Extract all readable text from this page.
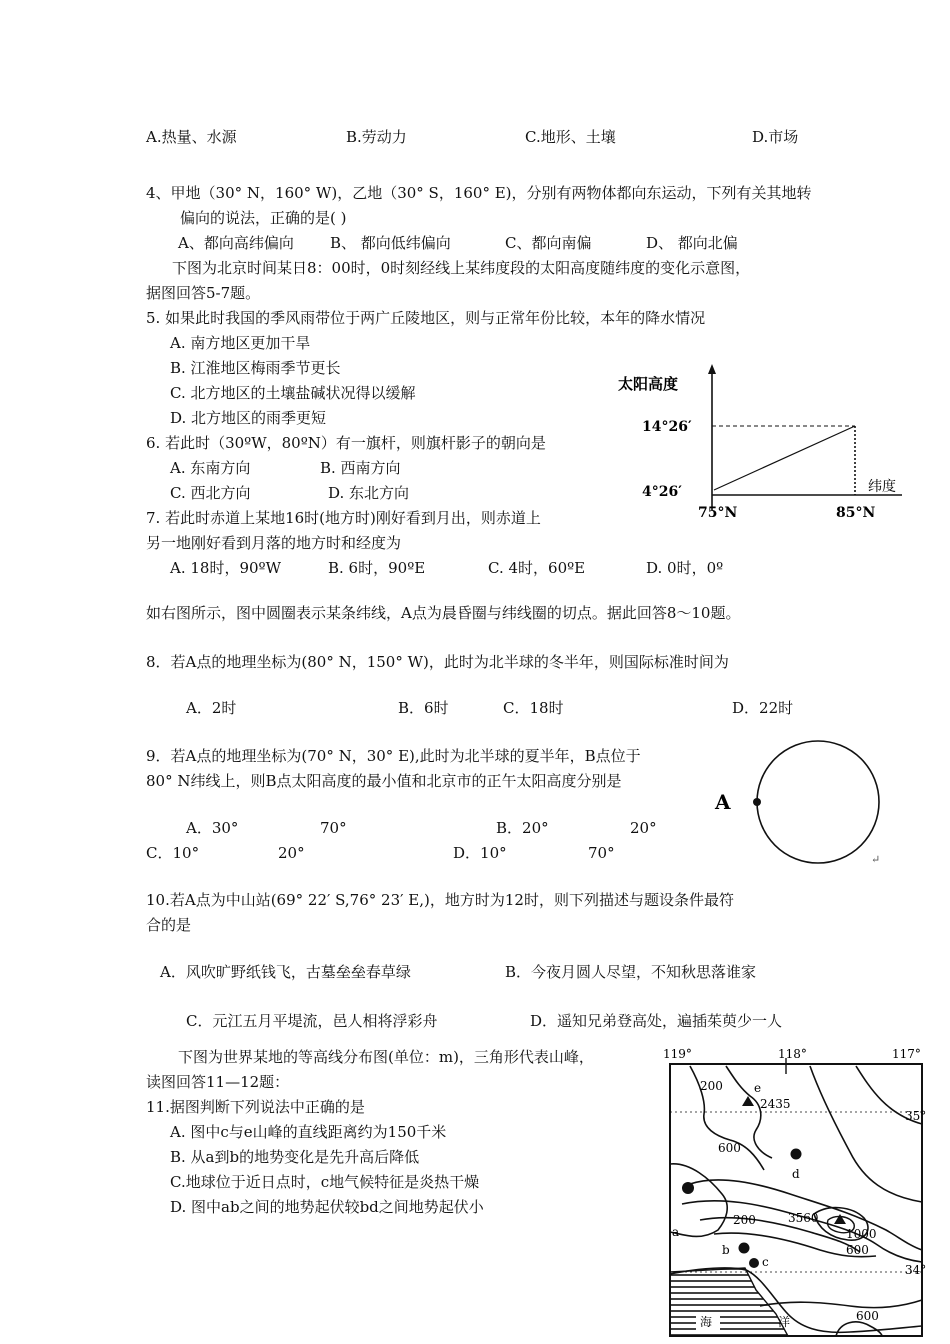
A.热量、水源	B.劳动力	C.地形、土壤	D.市场
4、甲地（30° N，160° W)，乙地（30° S，160° E)，分别有两物体都向东运动，下列有关其地转
偏向的说法，正确的是( )
A、都向高纬偏向 B、 都向低纬偏向	C、都向南偏	D、 都向北偏
下图为北京时间某日8：00时，0时刻经线上某纬度段的太阳高度随纬度的变化示意图，
据图回答5-7题。
5. 如果此时我国的季风雨带位于两广丘陵地区，则与正常年份比较，本年的降水情况
A. 南方地区更加干旱
B. 江淮地区梅雨季节更长
C. 北方地区的土壤盐碱状况得以缓解
D. 北方地区的雨季更短
6. 若此时（30ºW，80ºN）有一旗杆，则旗杆影子的朝向是
A. 东南方向	B. 西南方向
C. 西北方向	D. 东北方向
7. 若此时赤道上某地16时(地方时)刚好看到月出，则赤道上
另一地刚好看到月落的地方时和经度为
A. 18时，90ºW	B. 6时，90ºE	C. 4时，60ºE	D. 0时，0º
太阳高度
纬度
14°26′
4°26′
75°N	85°N
如右图所示，图中圆圈表示某条纬线，A点为晨昏圈与纬线圈的切点。据此回答8～10题。
8．若A点的地理坐标为(80° N，150° W)，此时为北半球的冬半年，则国际标准时间为
A．2时	B．6时	C．18时	D．22时
9．若A点的地理坐标为(70° N，30° E),此时为北半球的夏半年，B点位于
80° N纬线上，则B点太阳高度的最小值和北京市的正午太阳高度分别是
A．30°	70°	B．20°	20°
C．10°	20°	D．10°	70°
A
↵
10.若A点为中山站(69° 22′ S,76° 23′ E,)，地方时为12时，则下列描述与题设条件最符
合的是
A．风吹旷野纸钱飞，古墓垒垒春草绿	B．今夜月圆人尽望，不知秋思落谁家
C．元江五月平堤流，邑人相将浮彩舟	D．遥知兄弟登高处，遍插茱萸少一人
下图为世界某地的等高线分布图(单位：m)，三角形代表山峰，
读图回答11—12题：
11.据图判断下列说法中正确的是
A. 图中c与e山峰的直线距离约为150千米
B. 从a到b的地势变化是先升高后降低
C.地球位于近日点时，c地气候特征是炎热干燥
D. 图中ab之间的地势起伏较bd之间地势起伏小
119°	118°	117°
35°
34°
200
600
200
1000
600
600
2435
3560
a
b
c
d
e
海	洋
